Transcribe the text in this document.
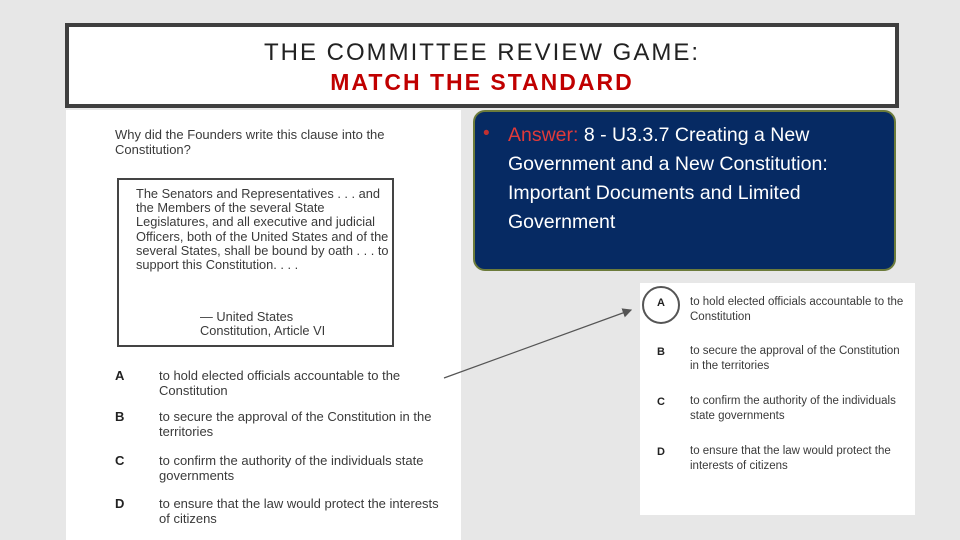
THE COMMITTEE REVIEW GAME:
MATCH THE STANDARD
Why did the Founders write this clause into the Constitution?
The Senators and Representatives . . . and the Members of the several State Legislatures, and all executive and judicial Officers, both of the United States and of the several States, shall be bound by oath . . . to support this Constitution. . . .
— United States
Constitution, Article VI
A	to hold elected officials accountable to the Constitution
B	to secure the approval of the Constitution in the territories
C	to confirm the authority of the individuals state governments
D	to ensure that the law would protect the interests of citizens
• Answer: 8 - U3.3.7 Creating a New Government and a New Constitution: Important Documents and Limited Government
A to hold elected officials accountable to the Constitution
B to secure the approval of the Constitution in the territories
C to confirm the authority of the individuals state governments
D to ensure that the law would protect the interests of citizens
